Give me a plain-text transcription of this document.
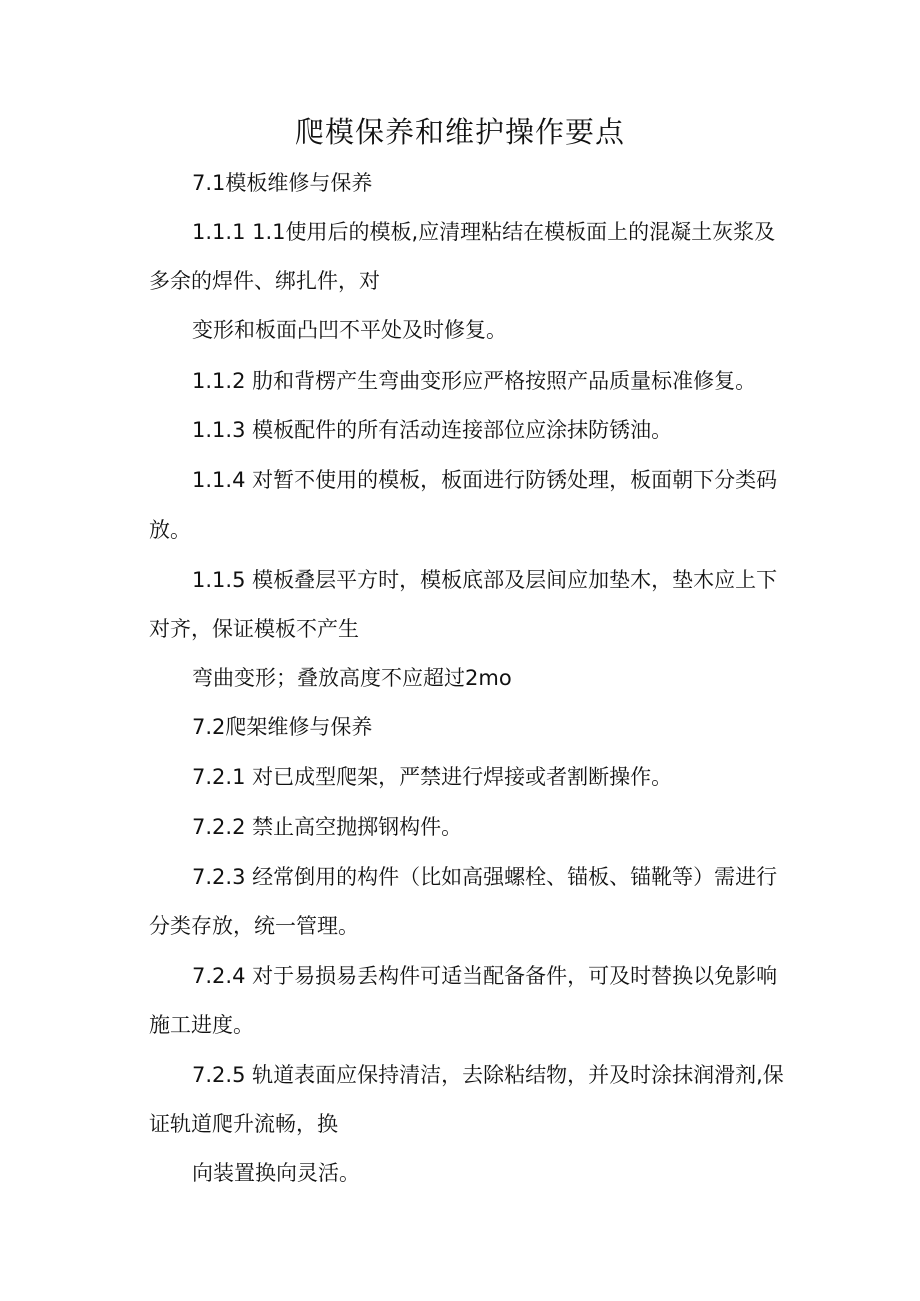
爬模保养和维护操作要点
7.1模板维修与保养
1.1.1 1.1使用后的模板,应清理粘结在模板面上的混凝土灰浆及
多余的焊件、绑扎件，对
变形和板面凸凹不平处及时修复。
1.1.2 肋和背楞产生弯曲变形应严格按照产品质量标准修复。
1.1.3 模板配件的所有活动连接部位应涂抹防锈油。
1.1.4 对暂不使用的模板，板面进行防锈处理，板面朝下分类码
放。
1.1.5 模板叠层平方时，模板底部及层间应加垫木，垫木应上下
对齐，保证模板不产生
弯曲变形；叠放高度不应超过2mo
7.2爬架维修与保养
7.2.1 对已成型爬架，严禁进行焊接或者割断操作。
7.2.2 禁止高空抛掷钢构件。
7.2.3 经常倒用的构件（比如高强螺栓、锚板、锚靴等）需进行
分类存放，统一管理。
7.2.4 对于易损易丢构件可适当配备备件，可及时替换以免影响
施工进度。
7.2.5 轨道表面应保持清洁，去除粘结物，并及时涂抹润滑剂,保
证轨道爬升流畅，换
向装置换向灵活。
